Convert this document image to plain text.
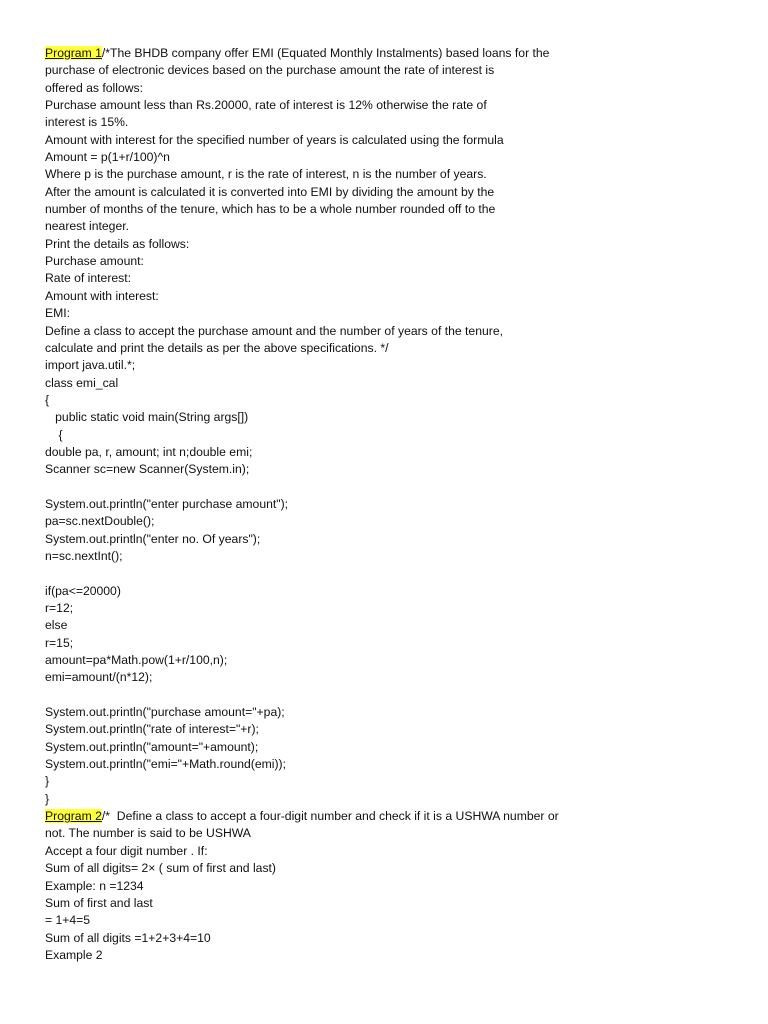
Program 1/*The BHDB company offer EMI (Equated Monthly Instalments) based loans for the
purchase of electronic devices based on the purchase amount the rate of interest is
offered as follows:
Purchase amount less than Rs.20000, rate of interest is 12% otherwise the rate of
interest is 15%.
Amount with interest for the specified number of years is calculated using the formula
Amount = p(1+r/100)^n
Where p is the purchase amount, r is the rate of interest, n is the number of years.
After the amount is calculated it is converted into EMI by dividing the amount by the
number of months of the tenure, which has to be a whole number rounded off to the
nearest integer.
Print the details as follows:
Purchase amount:
Rate of interest:
Amount with interest:
EMI:
Define a class to accept the purchase amount and the number of years of the tenure,
calculate and print the details as per the above specifications. */
import java.util.*;
class emi_cal
{
public static void main(String args[])
{
double pa, r, amount; int n;double emi;
Scanner sc=new Scanner(System.in);
System.out.println("enter purchase amount");
pa=sc.nextDouble();
System.out.println("enter no. Of years");
n=sc.nextInt();
if(pa<=20000)
r=12;
else
r=15;
amount=pa*Math.pow(1+r/100,n);
emi=amount/(n*12);
System.out.println("purchase amount="+pa);
System.out.println("rate of interest="+r);
System.out.println("amount="+amount);
System.out.println("emi="+Math.round(emi));
}
}
Program 2/*  Define a class to accept a four-digit number and check if it is a USHWA number or
not. The number is said to be USHWA
Accept a four digit number . If:
Sum of all digits= 2× ( sum of first and last)
Example: n =1234
Sum of first and last
= 1+4=5
Sum of all digits =1+2+3+4=10
Example 2
